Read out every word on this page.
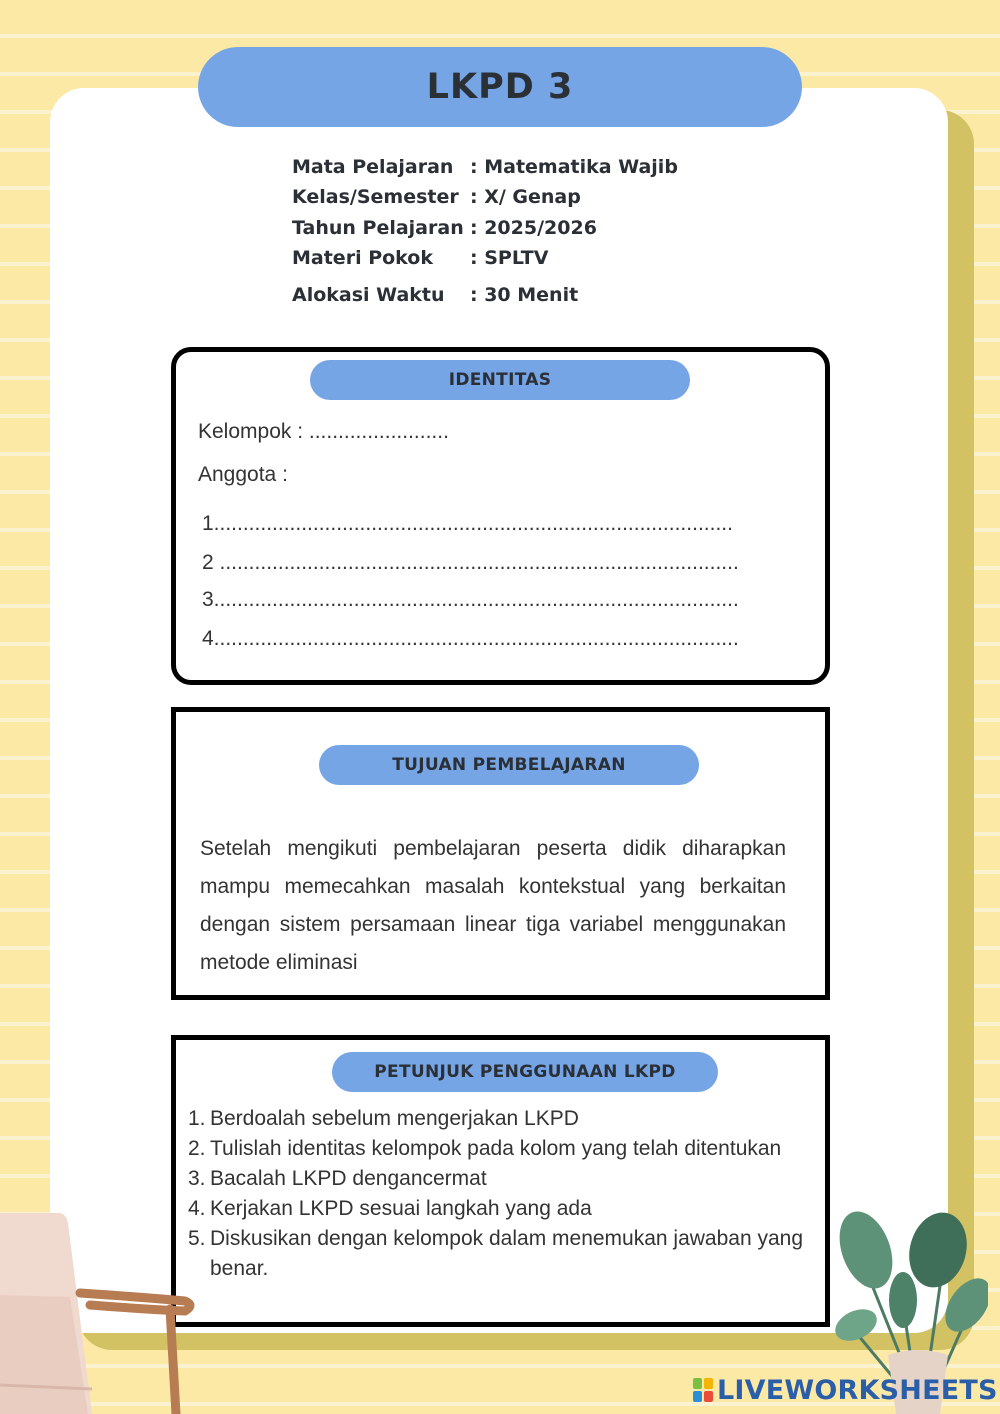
LKPD 3
Mata Pelajaran : Matematika Wajib
Kelas/Semester : X/ Genap
Tahun Pelajaran : 2025/2026
Materi Pokok : SPLTV
Alokasi Waktu : 30 Menit
IDENTITAS
Kelompok : ........................
Anggota :
1.........................................................................................
2 .........................................................................................
3..........................................................................................
4..........................................................................................
TUJUAN PEMBELAJARAN
Setelah mengikuti pembelajaran peserta didik diharapkan mampu memecahkan masalah kontekstual yang berkaitan dengan sistem persamaan linear tiga variabel menggunakan metode eliminasi
PETUNJUK PENGGUNAAN LKPD
1. Berdoalah sebelum mengerjakan LKPD
2. Tulislah identitas kelompok pada kolom yang telah ditentukan
3. Bacalah LKPD dengancermat
4. Kerjakan LKPD sesuai langkah yang ada
5. Diskusikan dengan kelompok dalam menemukan jawaban yang benar.
LIVEWORKSHEETS
